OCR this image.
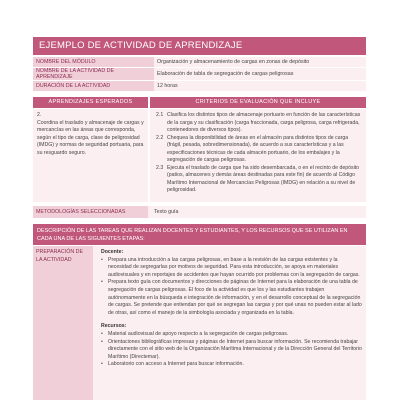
EJEMPLO DE ACTIVIDAD DE APRENDIZAJE
NOMBRE DEL MÓDULO	Organización y almacenamiento de cargas en zonas de depósito
NOMBRE DE LA ACTIVIDAD DE APRENDIZAJE	Elaboración de tabla de segregación de cargas peligrosas
DURACIÓN DE LA ACTIVIDAD	12 horas
APRENDIZAJES ESPERADOS	CRITERIOS DE EVALUACIÓN QUE INCLUYE
2.
Coordina el traslado y almacenaje de cargas y mercancías en las áreas que corresponda, según el tipo de carga, clase de peligrosidad (IMDG) y normas de seguridad portuaria, para su resguardo seguro.
2.1 Clasifica los distintos tipos de almacenaje portuario en función de las características de la carga y su clasificación (carga fraccionada, carga peligrosa, carga refrigerada, contenedores de diversos tipos).
2.2 Chequea la disponibilidad de áreas en el almacén para distintos tipos de carga (frágil, pesada, sobredimensionada), de acuerdo a sus características y a las especificaciones técnicas de cada almacén portuario, de los embalajes y la segregación de cargas peligrosas.
2.3 Ejecuta el traslado de carga que ha sido desembarcada, o en el recinto de depósito (patios, almacenes y demás áreas destinadas para este fin) de acuerdo al Código Marítimo Internacional de Mercancías Peligrosas (IMDG) en relación a su nivel de peligrosidad.
METODOLOGÍAS SELECCIONADAS	Texto guía
DESCRIPCIÓN DE LAS TAREAS QUE REALIZAN DOCENTES Y ESTUDIANTES, Y LOS RECURSOS QUE SE UTILIZAN EN CADA UNA DE LAS SIGUIENTES ETAPAS:
PREPARACIÓN DE LA ACTIVIDAD
Docente:
• Prepara una introducción a las cargas peligrosas, en base a la revisión de las cargas existentes y la necesidad de segregarlas por motivos de seguridad. Para esta introducción, se apoya en materiales audiovisuales y en reportajes de accidentes que hayan ocurrido por problemas con la segregación de cargas.
• Prepara texto guía con documentos y direcciones de páginas de Internet para la elaboración de una tabla de segregación de cargas peligrosas. El foco de la actividad es que los y las estudiantes trabajen autónomamente en la búsqueda e integración de información, y en el desarrollo conceptual de la segregación de cargas. Se pretende que entiendan por qué se segregan las cargas y por qué unas no pueden estar al lado de otras, así como el manejo de la simbología asociada y organizada en la tabla.
Recursos:
• Material audiovisual de apoyo respecto a la segregación de cargas peligrosas.
• Orientaciones bibliográficas impresas y páginas de Internet para buscar información. Se recomienda trabajar directamente con el sitio web de la Organización Marítima Internacional y de la Dirección General del Territorio Marítimo (Directemar).
• Laboratorio con acceso a Internet para buscar información.
